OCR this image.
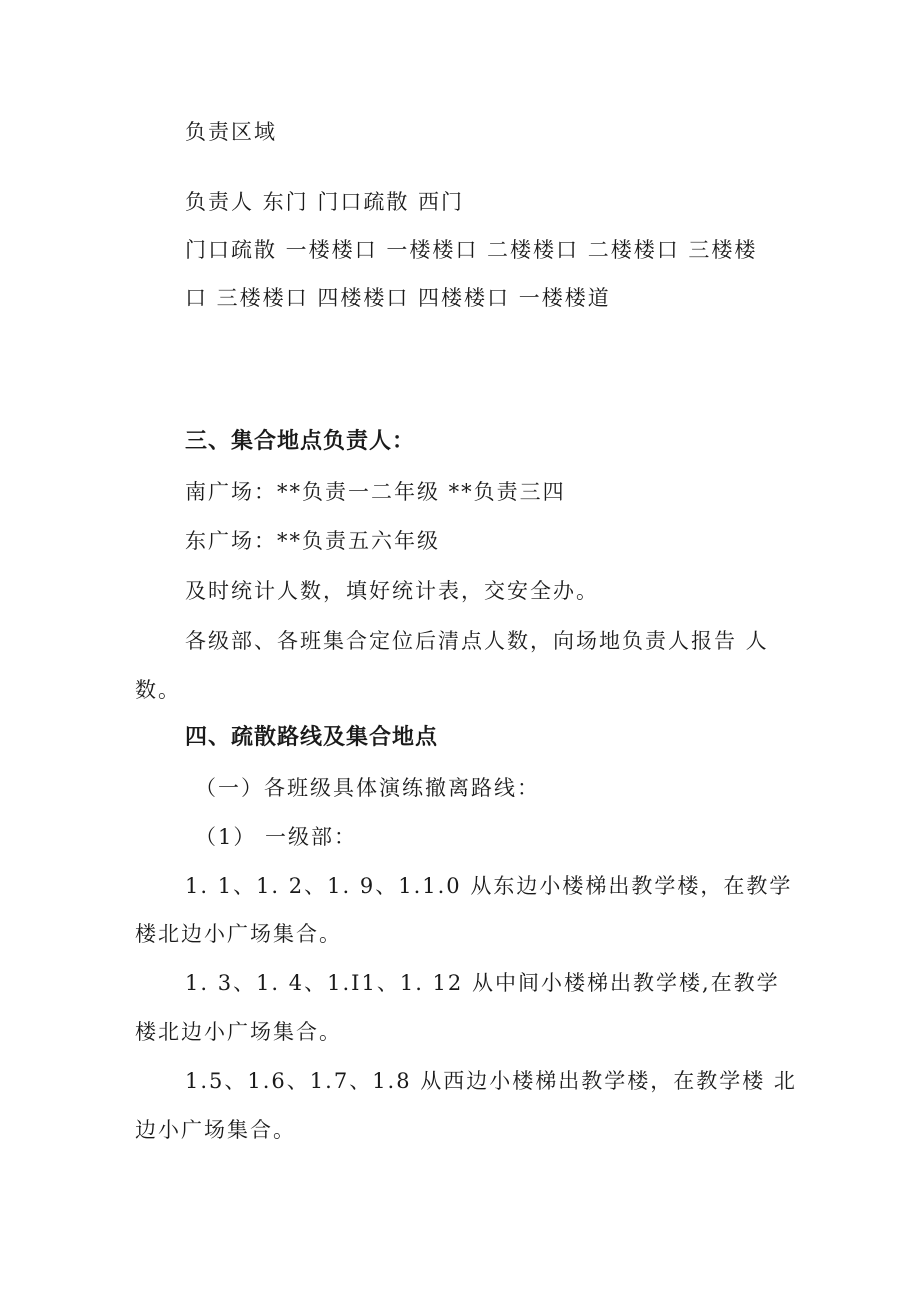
负责区域
负责人 东门 门口疏散 西门
门口疏散 一楼楼口 一楼楼口 二楼楼口 二楼楼口 三楼楼
口 三楼楼口 四楼楼口 四楼楼口 一楼楼道
三、集合地点负责人：
南广场：**负责一二年级 **负责三四
东广场：**负责五六年级
及时统计人数，填好统计表，交安全办。
各级部、各班集合定位后清点人数，向场地负责人报告 人
数。
四、疏散路线及集合地点
（一）各班级具体演练撤离路线：
（1） 一级部：
1. 1、1. 2、1. 9、1.1.0 从东边小楼梯出教学楼，在教学
楼北边小广场集合。
1. 3、1. 4、1.I1、1. 12 从中间小楼梯出教学楼,在教学
楼北边小广场集合。
1.5、1.6、1.7、1.8 从西边小楼梯出教学楼，在教学楼 北
边小广场集合。
